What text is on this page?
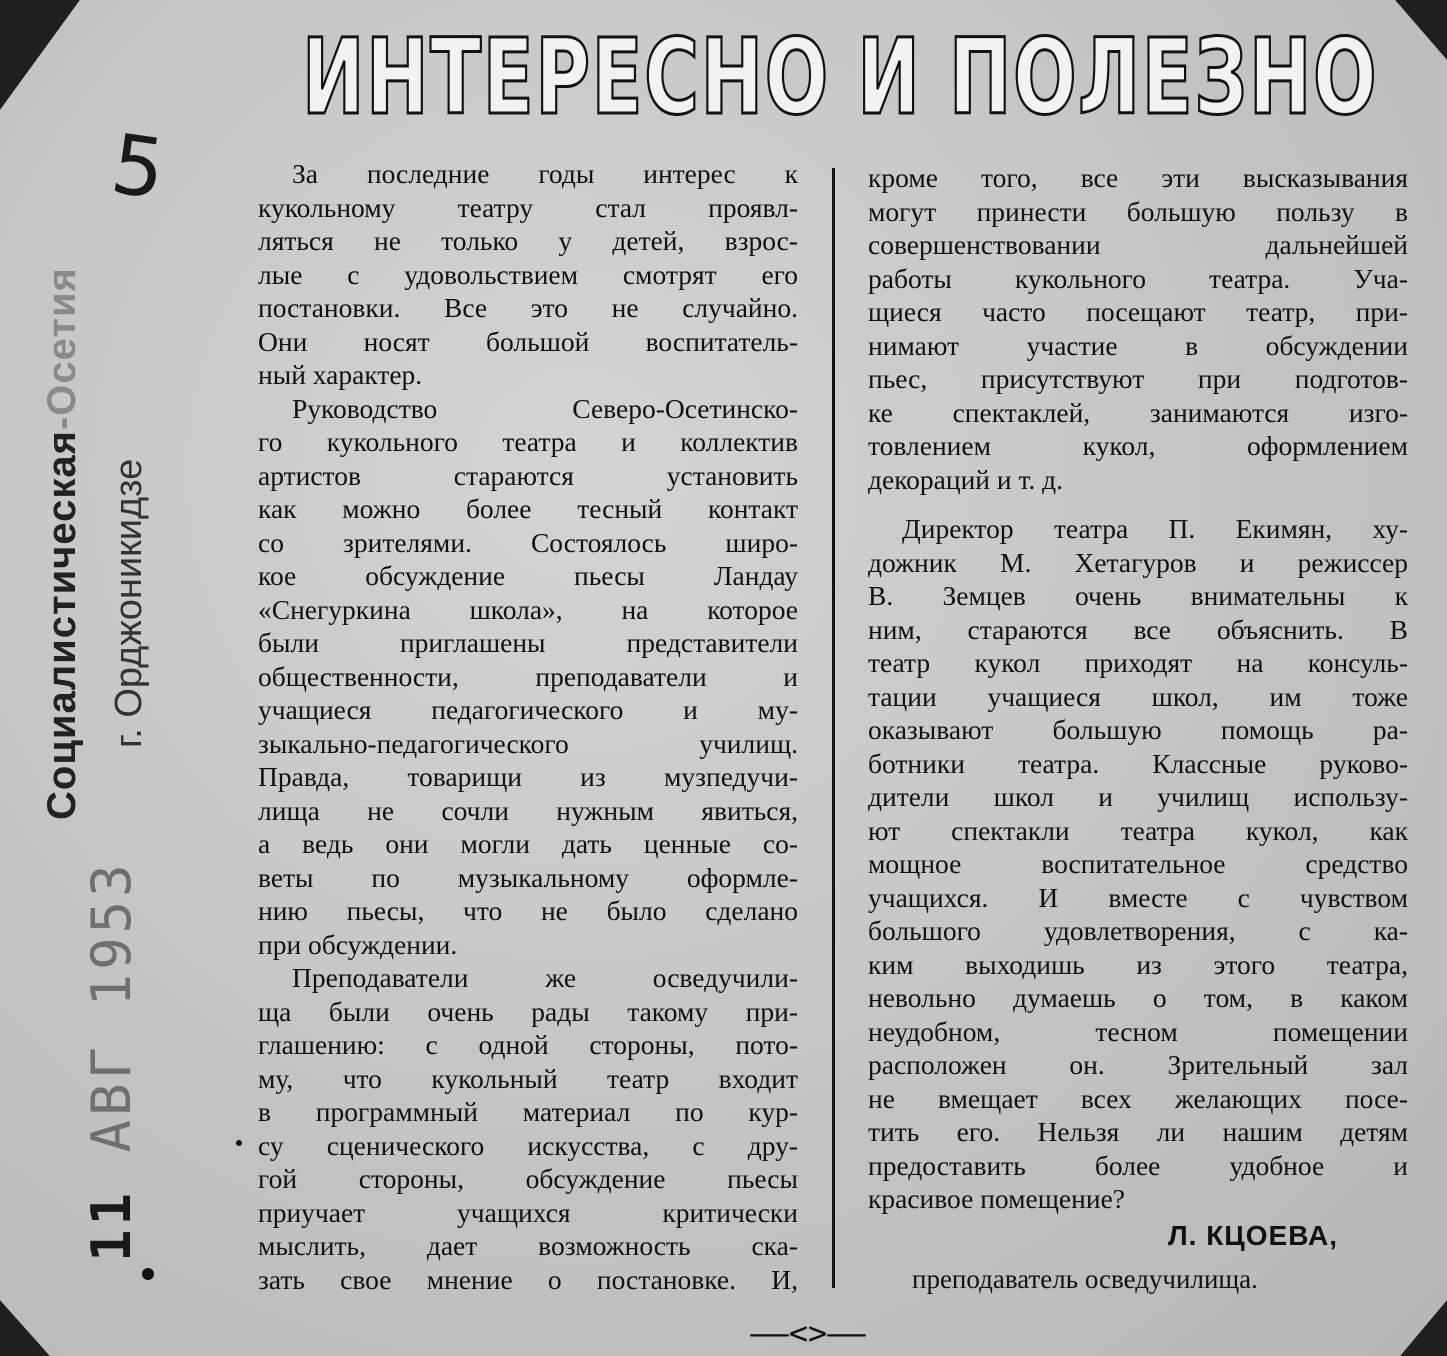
ИНТЕРЕСНО И ПОЛЕЗНО
5
Социалистическая-Осетия
г. Орджоникидзе
11 АВГ 1953
За последние годы интерес к
кукольному театру стал проявл-
ляться не только у детей, взрос-
лые с удовольствием смотрят его
постановки. Все это не случайно.
Они носят большой воспитатель-
ный характер.
Руководство Северо-Осетинско-
го кукольного театра и коллектив
артистов стараются установить
как можно более тесный контакт
со зрителями. Состоялось широ-
кое обсуждение пьесы Ландау
«Снегуркина школа», на которое
были приглашены представители
общественности, преподаватели и
учащиеся педагогического и му-
зыкально-педагогического училищ.
Правда, товарищи из музпедучи-
лища не сочли нужным явиться,
а ведь они могли дать ценные со-
веты по музыкальному оформле-
нию пьесы, что не было сделано
при обсуждении.
Преподаватели же осведучили-
ща были очень рады такому при-
глашению: с одной стороны, пото-
му, что кукольный театр входит
в программный материал по кур-
су сценического искусства, с дру-
гой стороны, обсуждение пьесы
приучает учащихся критически
мыслить, дает возможность ска-
зать свое мнение о постановке. И,
кроме того, все эти высказывания
могут принести большую пользу в
совершенствовании дальнейшей
работы кукольного театра. Уча-
щиеся часто посещают театр, при-
нимают участие в обсуждении
пьес, присутствуют при подготов-
ке спектаклей, занимаются изго-
товлением кукол, оформлением
декораций и т. д.
Директор театра П. Екимян, ху-
дожник М. Хетагуров и режиссер
В. Земцев очень внимательны к
ним, стараются все объяснить. В
театр кукол приходят на консуль-
тации учащиеся школ, им тоже
оказывают большую помощь ра-
ботники театра. Классные руково-
дители школ и училищ использу-
ют спектакли театра кукол, как
мощное воспитательное средство
учащихся. И вместе с чувством
большого удовлетворения, с ка-
ким выходишь из этого театра,
невольно думаешь о том, в каком
неудобном, тесном помещении
расположен он. Зрительный зал
не вмещает всех желающих посе-
тить его. Нельзя ли нашим детям
предоставить более удобное и
красивое помещение?
Л. КЦОЕВА,
преподаватель осведучилища.
——<>——
